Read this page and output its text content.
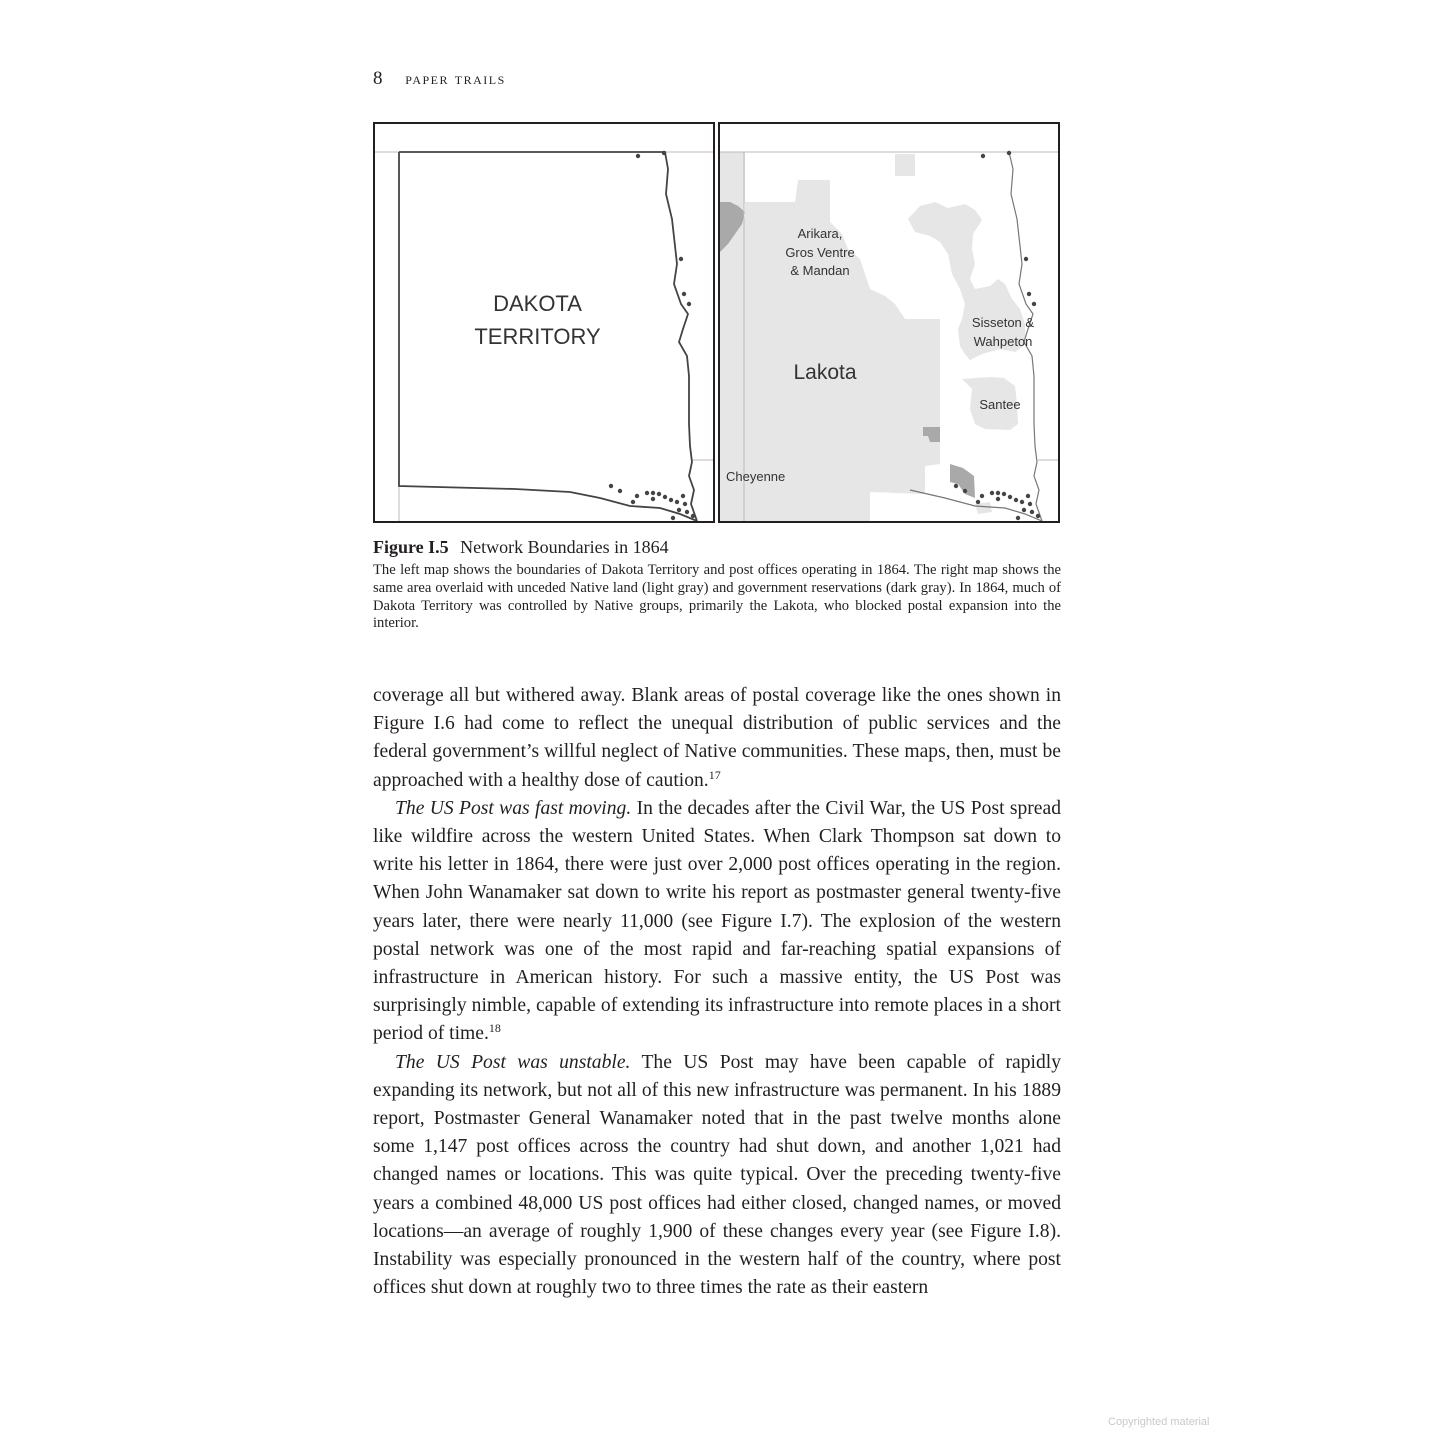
8 paper trails
DAKOTA
TERRITORY
Arikara,
Gros Ventre
& Mandan
Lakota
Sisseton &
Wahpeton
Santee
Cheyenne
Figure I.5 Network Boundaries in 1864
The left map shows the boundaries of Dakota Territory and post offices operating in 1864. The right map shows the same area overlaid with unceded Native land (light gray) and government reservations (dark gray). In 1864, much of Dakota Territory was controlled by Native groups, primarily the Lakota, who blocked postal expansion into the interior.

coverage all but withered away. Blank areas of postal coverage like the ones shown in Figure I.6 had come to reflect the unequal distribution of public services and the federal government’s willful neglect of Native communities. These maps, then, must be approached with a healthy dose of caution.$^{17}$

The US Post was fast moving. In the decades after the Civil War, the US Post spread like wildfire across the western United States. When Clark Thompson sat down to write his letter in 1864, there were just over 2,000 post offices operating in the region. When John Wanamaker sat down to write his report as postmaster general twenty-five years later, there were nearly 11,000 (see Figure I.7). The explosion of the western postal network was one of the most rapid and far-reaching spatial expansions of infrastructure in American history. For such a massive entity, the US Post was surprisingly nimble, capable of extending its infrastructure into remote places in a short period of time.$^{18}$

The US Post was unstable. The US Post may have been capable of rapidly expanding its network, but not all of this new infrastructure was permanent. In his 1889 report, Postmaster General Wanamaker noted that in the past twelve months alone some 1,147 post offices across the country had shut down, and another 1,021 had changed names or locations. This was quite typical. Over the preceding twenty-five years a combined 48,000 US post offices had either closed, changed names, or moved locations—an average of roughly 1,900 of these changes every year (see Figure I.8). Instability was especially pronounced in the western half of the country, where post offices shut down at roughly two to three times the rate as their eastern

Copyrighted material
